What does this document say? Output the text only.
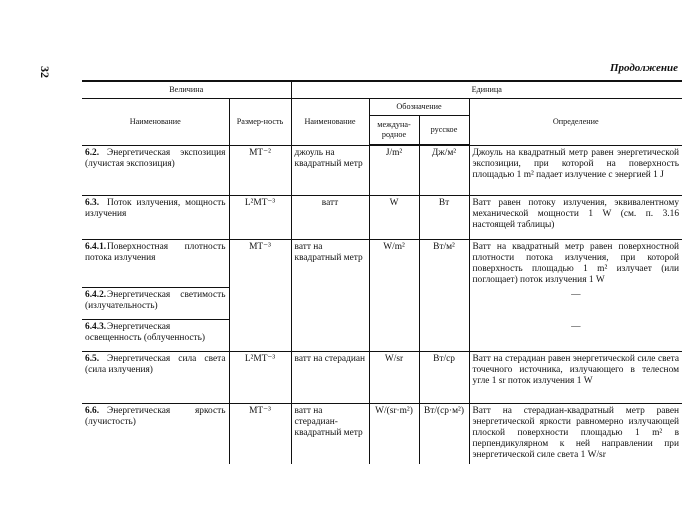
32	Продолжение
Величина		Единица			
Наименование	Размер-ность	Наименование	Обозначение		Определение
			междуна-родное	русское	
6.2. Энергетическая экспозиция (лучистая экспозиция)	MT⁻²	джоуль на квадратный метр	J/m²	Дж/м²	Джоуль на квадратный метр равен энергетической экспозиции, при которой на поверхность площадью 1 m² падает излучение с энергией 1 J
6.3. Поток излучения, мощность излучения	L²MT⁻³	ватт	W	Вт	Ватт равен потоку излучения, эквивалентному механической мощности 1 W (см. п. 3.16 настоящей таблицы)
6.4.1.Поверхностная плотность потока излучения	MT⁻³	ватт на квадратный метр	W/m²	Вт/м²	Ватт на квадратный метр равен поверхностной плотности потока излучения, при которой поверхность площадью 1 m² излучает (или поглощает) поток излучения 1 W
6.4.2.Энергетическая светимость (излучательность)					—
6.4.3.Энергетическая освещенность (облученность)					—
6.5. Энергетическая сила света (сила излучения)	L²MT⁻³	ватт на стерадиан	W/sr	Вт/ср	Ватт на стерадиан равен энергетической силе света точечного источника, излучающего в телесном угле 1 sr поток излучения 1 W
6.6. Энергетическая яркость (лучистость)	MT⁻³	ватт на стерадиан-квадратный метр	W/(sr·m²)	Вт/(ср·м²)	Ватт на стерадиан-квадратный метр равен энергетической яркости равномерно излучающей плоской поверхности площадью 1 m² в перпендикулярном к ней направлении при энергетической силе света 1 W/sr
